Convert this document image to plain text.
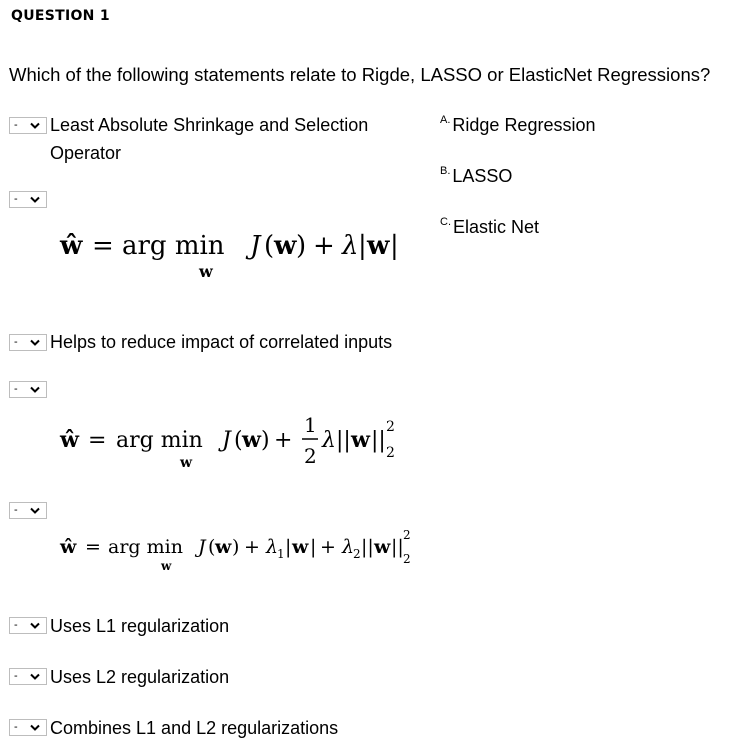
QUESTION 1
Which of the following statements relate to Rigde, LASSO or ElasticNet Regressions?
- Least Absolute Shrinkage and Selection
Operator
-
ŵ = arg min
w
J ( w ) + λ | w |
- Helps to reduce impact of correlated inputs
-
ŵ = arg min
w
J ( w ) +
1
2
λ || w ||
2
2
-
ŵ = arg min
w
J ( w ) + λ
1 | w | + λ
2 || w ||
2
2
- Uses L1 regularization
- Uses L2 regularization
- Combines L1 and L2 regularizations
$^{A.}$ Ridge Regression
$^{B.}$ LASSO
$^{C.}$ Elastic Net
